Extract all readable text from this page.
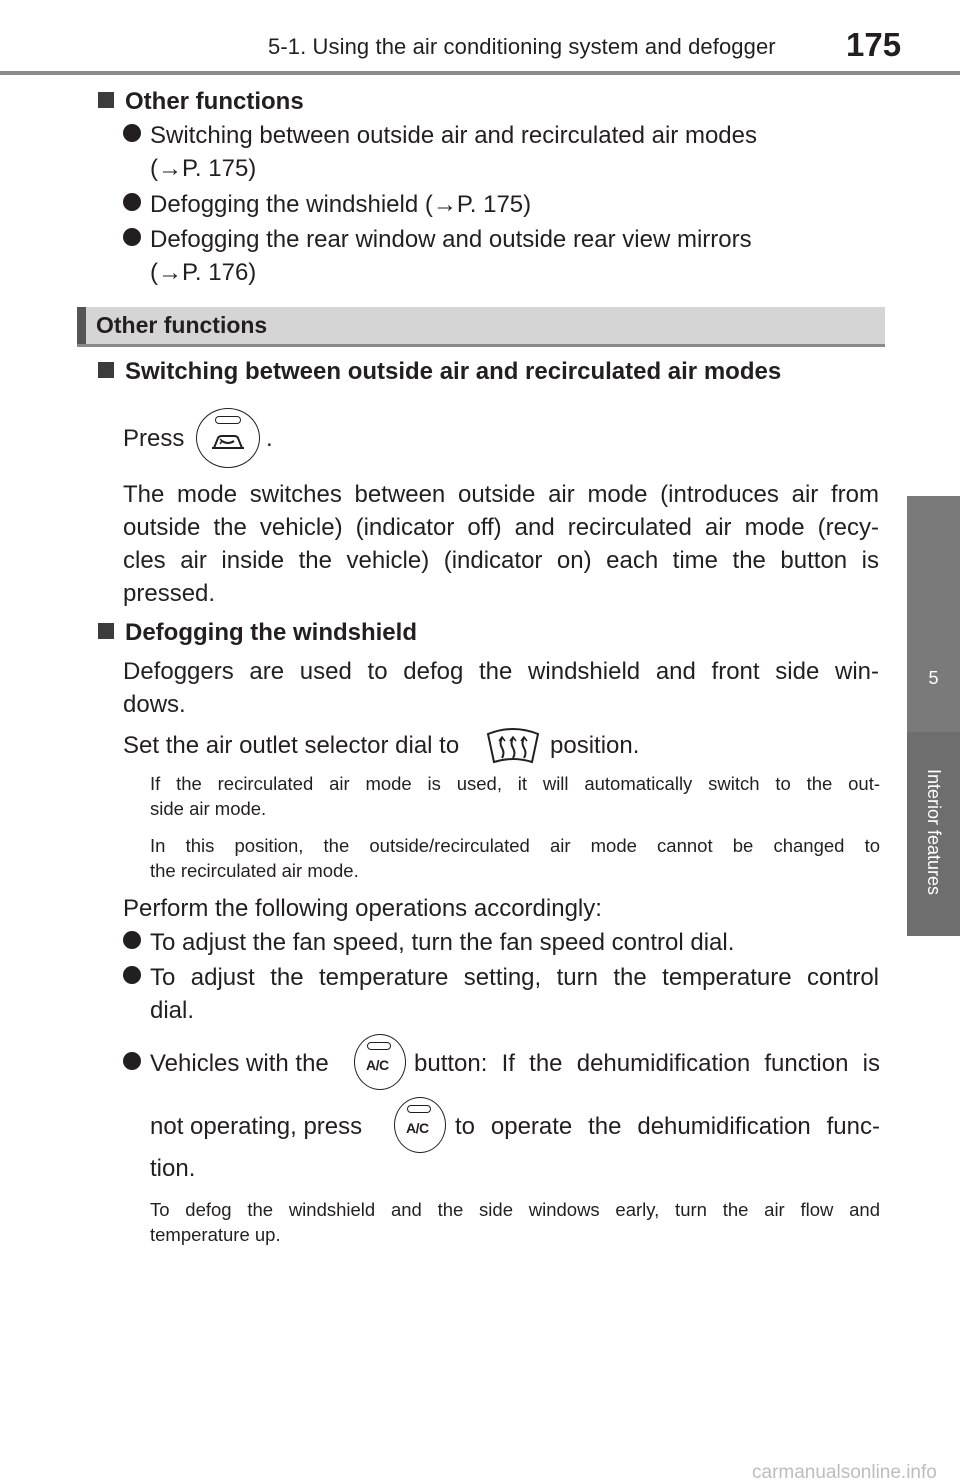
5-1. Using the air conditioning system and defogger 175
5
Interior features
Other functions
Switching between outside air and recirculated air modes
(→P. 175)
Defogging the windshield (→P. 175)
Defogging the rear window and outside rear view mirrors
(→P. 176)
Other functions
Switching between outside air and recirculated air modes
Press	.
The mode switches between outside air mode (introduces air from
outside the vehicle) (indicator off) and recirculated air mode (recy-
cles air inside the vehicle) (indicator on) each time the button is
pressed.
Defogging the windshield
Defoggers are used to defog the windshield and front side win-
dows.
Set the air outlet selector dial to	position.
If the recirculated air mode is used, it will automatically switch to the out-
side air mode.
In this position, the outside/recirculated air mode cannot be changed to
the recirculated air mode.
Perform the following operations accordingly:
To adjust the fan speed, turn the fan speed control dial.
To adjust the temperature setting, turn the temperature control
dial.
Vehicles with the	A/C button: If the dehumidification function is
not operating, press	A/C to operate the dehumidification func-
tion.
To defog the windshield and the side windows early, turn the air flow and
temperature up.
carmanualsonline.info
